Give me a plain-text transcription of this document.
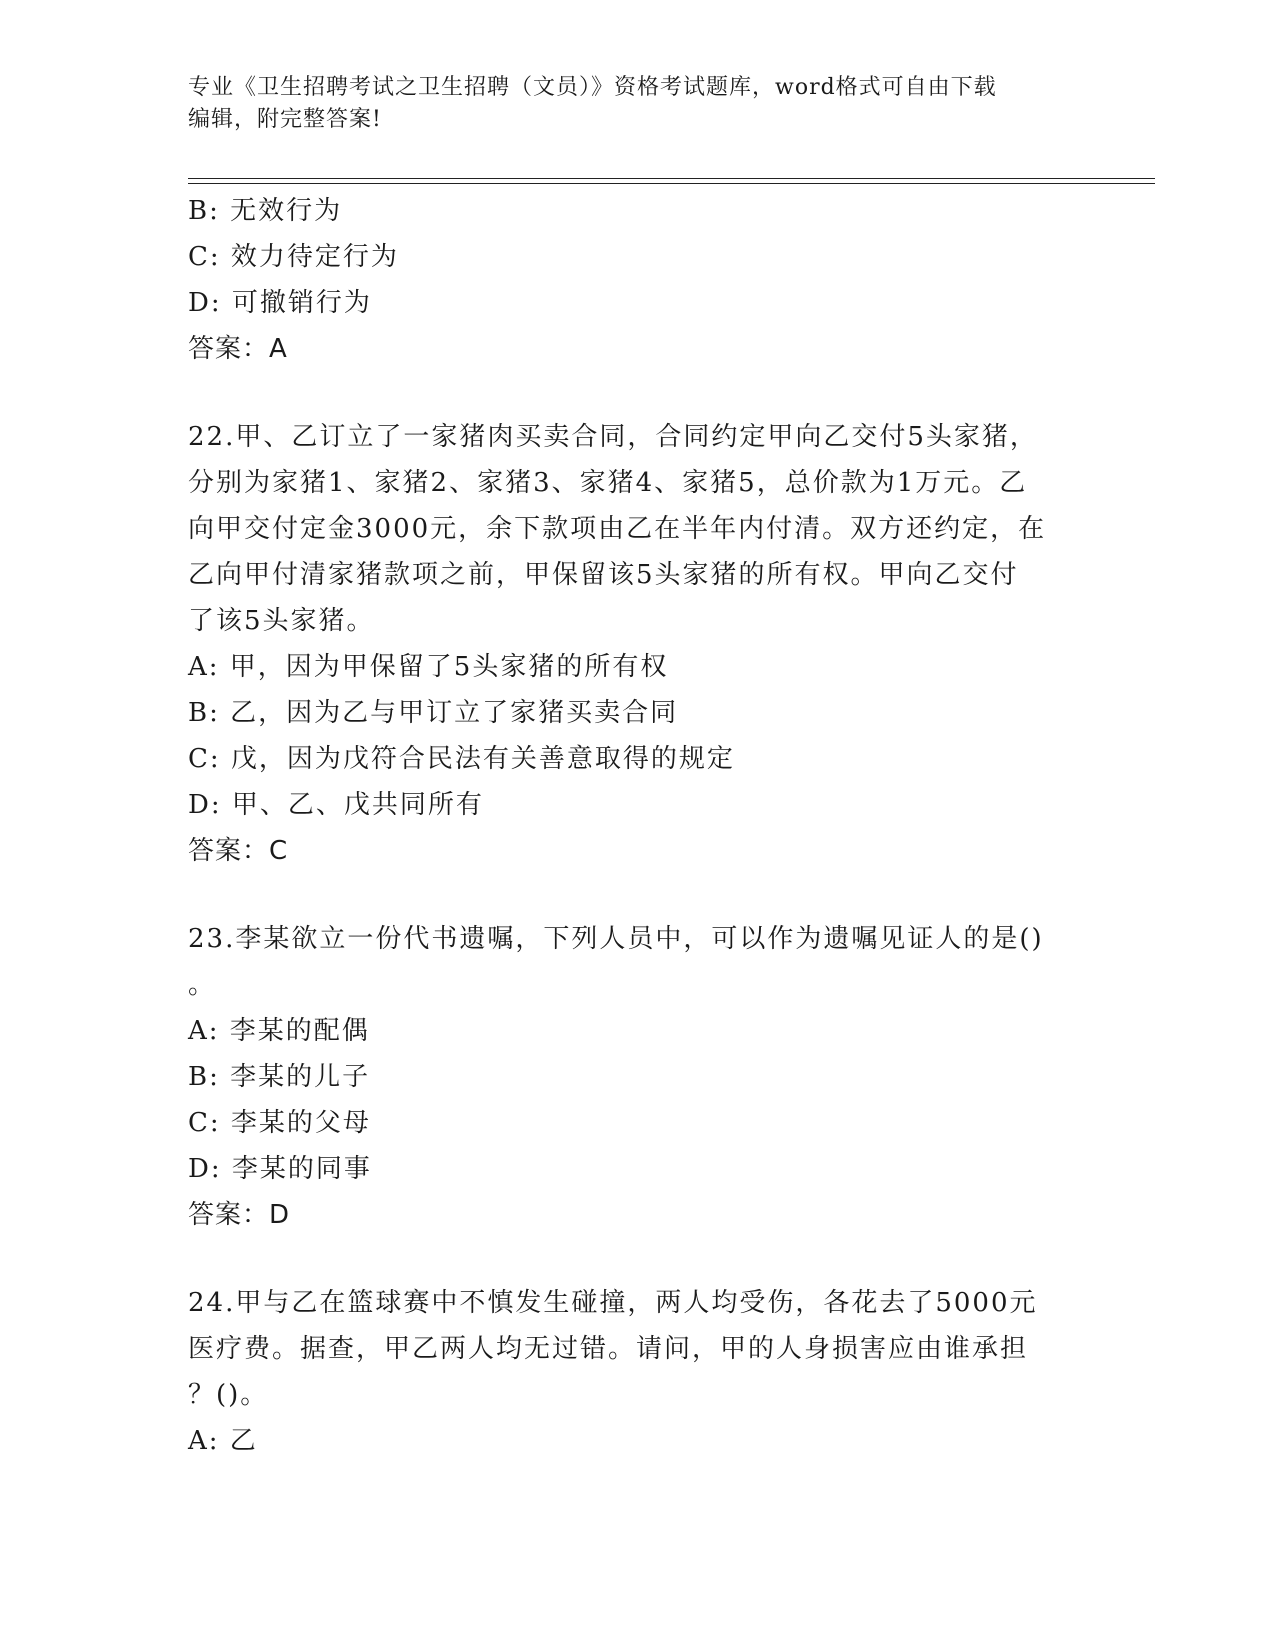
专业《卫生招聘考试之卫生招聘（文员）》资格考试题库，word格式可自由下载
编辑，附完整答案!
B: 无效行为
C: 效力待定行为
D: 可撤销行为
答案：A
22.甲、乙订立了一家猪肉买卖合同，合同约定甲向乙交付5头家猪，
分别为家猪1、家猪2、家猪3、家猪4、家猪5，总价款为1万元。乙
向甲交付定金3000元，余下款项由乙在半年内付清。双方还约定，在
乙向甲付清家猪款项之前，甲保留该5头家猪的所有权。甲向乙交付
了该5头家猪。
A: 甲，因为甲保留了5头家猪的所有权
B: 乙，因为乙与甲订立了家猪买卖合同
C: 戊，因为戊符合民法有关善意取得的规定
D: 甲、乙、戊共同所有
答案：C
23.李某欲立一份代书遗嘱，下列人员中，可以作为遗嘱见证人的是()
。
A: 李某的配偶
B: 李某的儿子
C: 李某的父母
D: 李某的同事
答案：D
24.甲与乙在篮球赛中不慎发生碰撞，两人均受伤，各花去了5000元
医疗费。据查，甲乙两人均无过错。请问，甲的人身损害应由谁承担
？()。
A: 乙
